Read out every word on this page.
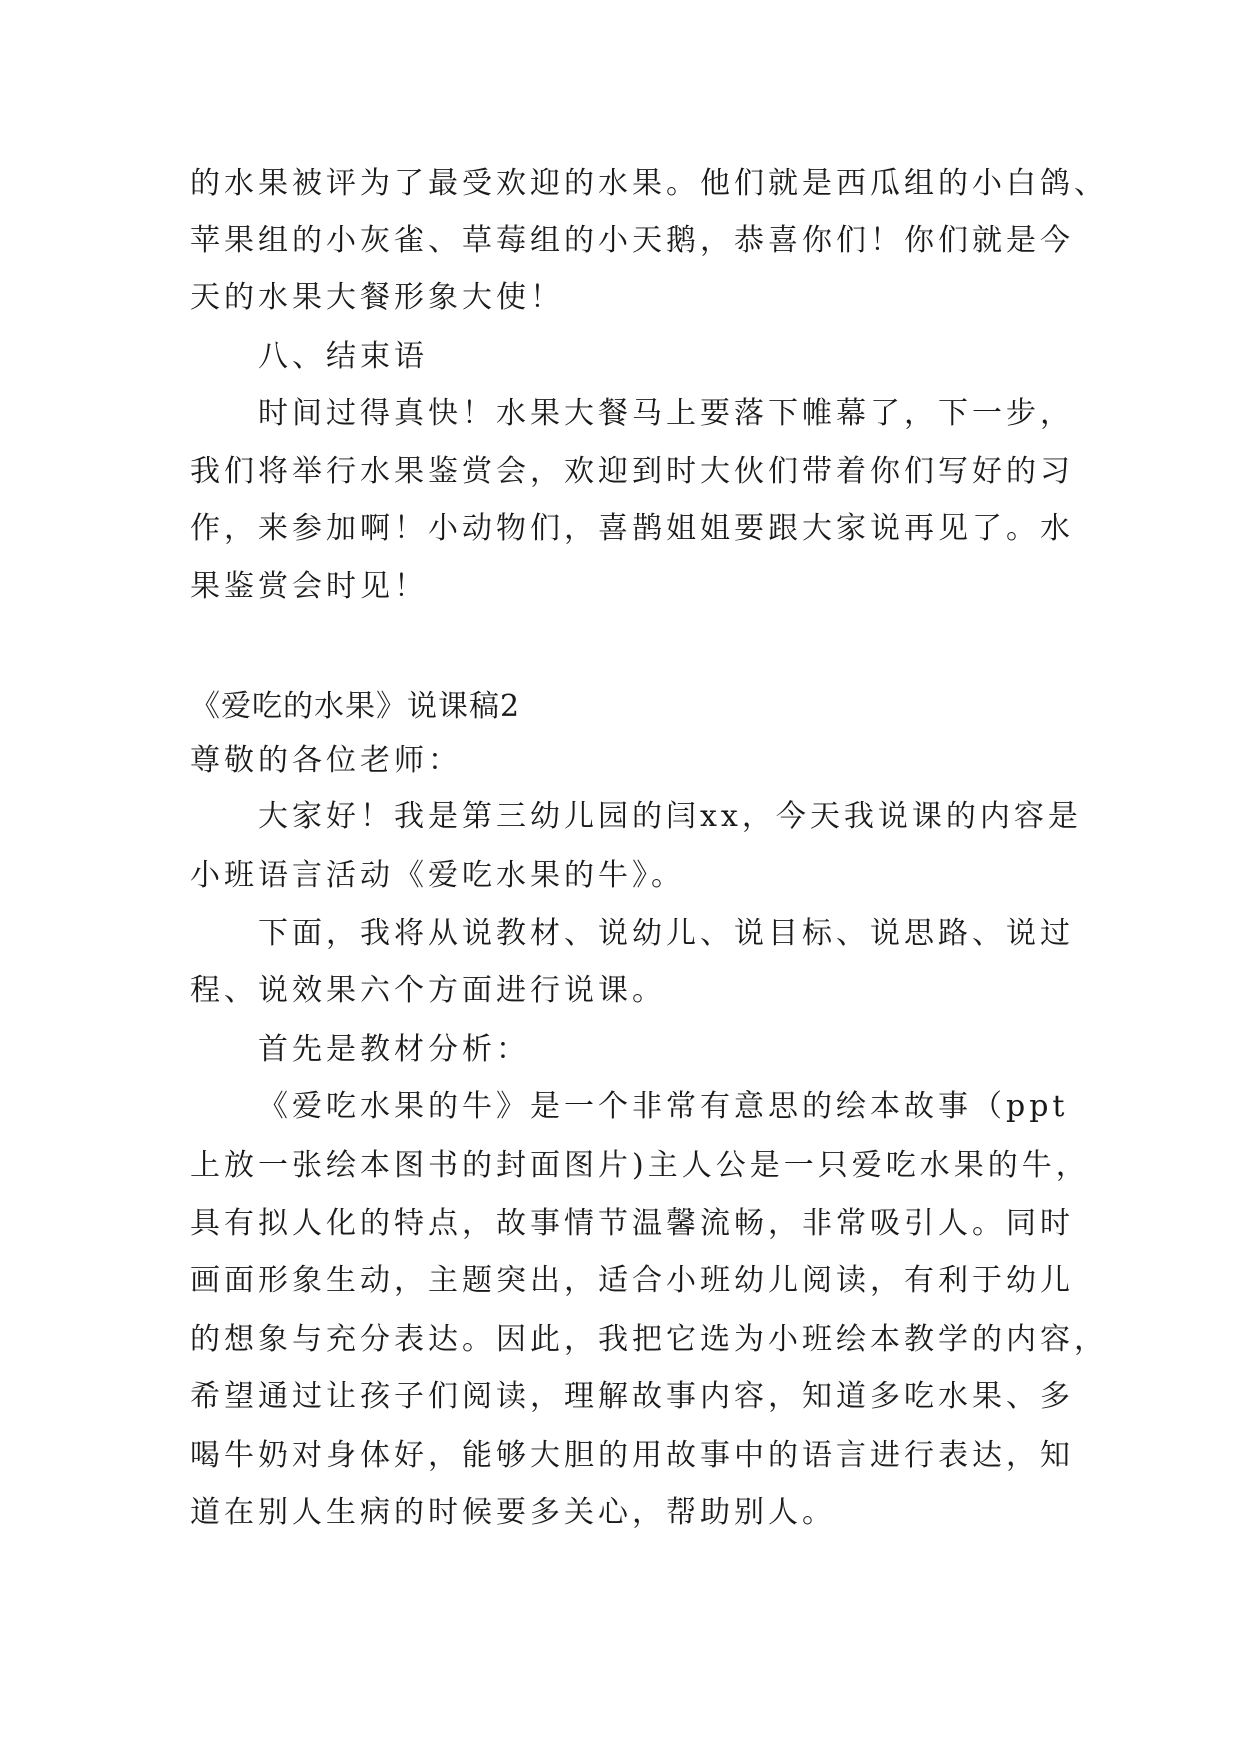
的水果被评为了最受欢迎的水果。他们就是西瓜组的小白鸽、
苹果组的小灰雀、草莓组的小天鹅，恭喜你们！你们就是今
天的水果大餐形象大使！
八、结束语
时间过得真快！水果大餐马上要落下帷幕了，下一步，
我们将举行水果鉴赏会，欢迎到时大伙们带着你们写好的习
作，来参加啊！小动物们，喜鹊姐姐要跟大家说再见了。水
果鉴赏会时见！
《爱吃的水果》说课稿2
尊敬的各位老师：
大家好！我是第三幼儿园的闫xx，今天我说课的内容是
小班语言活动《爱吃水果的牛》。
下面，我将从说教材、说幼儿、说目标、说思路、说过
程、说效果六个方面进行说课。
首先是教材分析：
《爱吃水果的牛》是一个非常有意思的绘本故事（ppt
上放一张绘本图书的封面图片)主人公是一只爱吃水果的牛，
具有拟人化的特点，故事情节温馨流畅，非常吸引人。同时
画面形象生动，主题突出，适合小班幼儿阅读，有利于幼儿
的想象与充分表达。因此，我把它选为小班绘本教学的内容，
希望通过让孩子们阅读，理解故事内容，知道多吃水果、多
喝牛奶对身体好，能够大胆的用故事中的语言进行表达，知
道在别人生病的时候要多关心，帮助别人。
